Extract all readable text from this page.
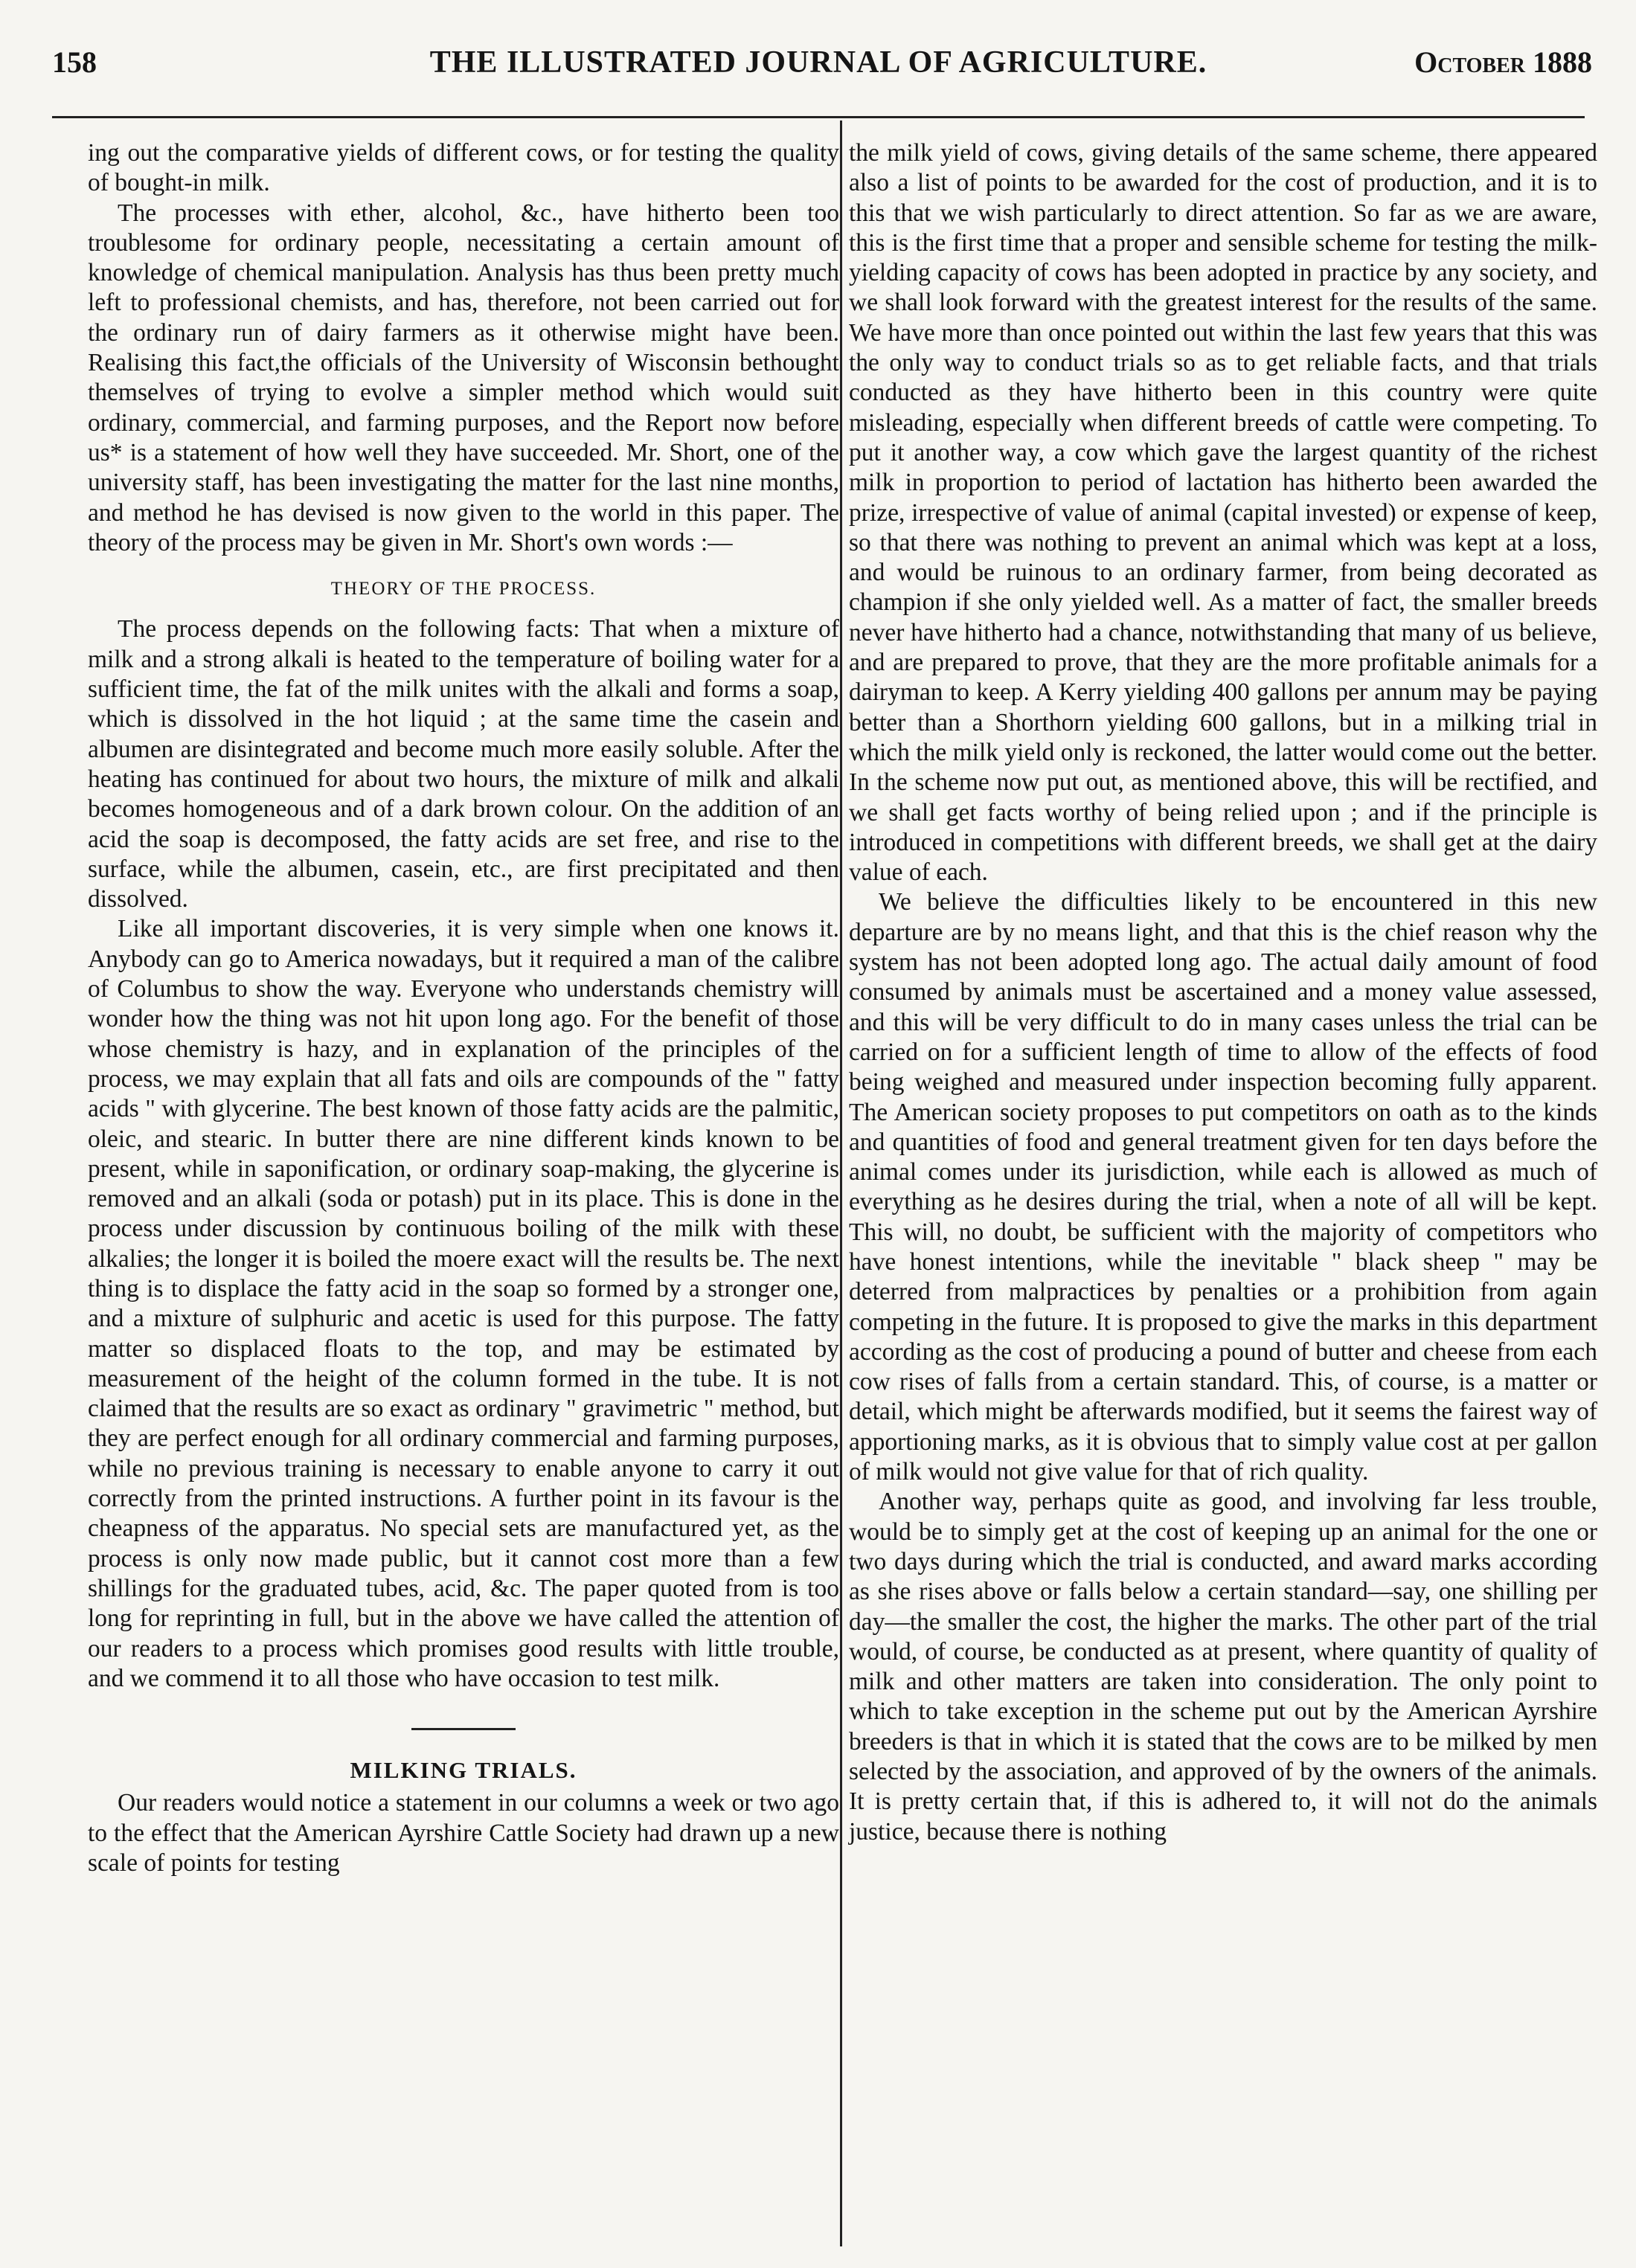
158	THE ILLUSTRATED JOURNAL OF AGRICULTURE.	October 1888

ing out the comparative yields of different cows, or for testing the quality of bought-in milk.

The processes with ether, alcohol, &c., have hitherto been too troublesome for ordinary people, necessitating a certain amount of knowledge of chemical manipulation. Analysis has thus been pretty much left to professional chemists, and has, therefore, not been carried out for the ordinary run of dairy farmers as it otherwise might have been. Realising this fact,the officials of the University of Wisconsin bethought themselves of trying to evolve a simpler method which would suit ordinary, commercial, and farming purposes, and the Report now before us* is a statement of how well they have succeeded. Mr. Short, one of the university staff, has been investigating the matter for the last nine months, and method he has devised is now given to the world in this paper. The theory of the process may be given in Mr. Short's own words :—

THEORY OF THE PROCESS.

The process depends on the following facts: That when a mixture of milk and a strong alkali is heated to the temperature of boiling water for a sufficient time, the fat of the milk unites with the alkali and forms a soap, which is dissolved in the hot liquid ; at the same time the casein and albumen are disintegrated and become much more easily soluble. After the heating has continued for about two hours, the mixture of milk and alkali becomes homogeneous and of a dark brown colour. On the addition of an acid the soap is decomposed, the fatty acids are set free, and rise to the surface, while the albumen, casein, etc., are first precipitated and then dissolved.

Like all important discoveries, it is very simple when one knows it. Anybody can go to America nowadays, but it required a man of the calibre of Columbus to show the way. Everyone who understands chemistry will wonder how the thing was not hit upon long ago. For the benefit of those whose chemistry is hazy, and in explanation of the principles of the process, we may explain that all fats and oils are compounds of the " fatty acids " with glycerine. The best known of those fatty acids are the palmitic, oleic, and stearic. In butter there are nine different kinds known to be present, while in saponification, or ordinary soap-making, the glycerine is removed and an alkali (soda or potash) put in its place. This is done in the process under discussion by continuous boiling of the milk with these alkalies; the longer it is boiled the moere exact will the results be. The next thing is to displace the fatty acid in the soap so formed by a stronger one, and a mixture of sulphuric and acetic is used for this purpose. The fatty matter so displaced floats to the top, and may be estimated by measurement of the height of the column formed in the tube. It is not claimed that the results are so exact as ordinary " gravimetric " method, but they are perfect enough for all ordinary commercial and farming purposes, while no previous training is necessary to enable anyone to carry it out correctly from the printed instructions. A further point in its favour is the cheapness of the apparatus. No special sets are manufactured yet, as the process is only now made public, but it cannot cost more than a few shillings for the graduated tubes, acid, &c. The paper quoted from is too long for reprinting in full, but in the above we have called the attention of our readers to a process which promises good results with little trouble, and we commend it to all those who have occasion to test milk.

MILKING TRIALS.

Our readers would notice a statement in our columns a week or two ago to the effect that the American Ayrshire Cattle Society had drawn up a new scale of points for testing

the milk yield of cows, giving details of the same scheme, there appeared also a list of points to be awarded for the cost of production, and it is to this that we wish particularly to direct attention. So far as we are aware, this is the first time that a proper and sensible scheme for testing the milk-yielding capacity of cows has been adopted in practice by any society, and we shall look forward with the greatest interest for the results of the same. We have more than once pointed out within the last few years that this was the only way to conduct trials so as to get reliable facts, and that trials conducted as they have hitherto been in this country were quite misleading, especially when different breeds of cattle were competing. To put it another way, a cow which gave the largest quantity of the richest milk in proportion to period of lactation has hitherto been awarded the prize, irrespective of value of animal (capital invested) or expense of keep, so that there was nothing to prevent an animal which was kept at a loss, and would be ruinous to an ordinary farmer, from being decorated as champion if she only yielded well. As a matter of fact, the smaller breeds never have hitherto had a chance, notwithstanding that many of us believe, and are prepared to prove, that they are the more profitable animals for a dairyman to keep. A Kerry yielding 400 gallons per annum may be paying better than a Shorthorn yielding 600 gallons, but in a milking trial in which the milk yield only is reckoned, the latter would come out the better. In the scheme now put out, as mentioned above, this will be rectified, and we shall get facts worthy of being relied upon ; and if the principle is introduced in competitions with different breeds, we shall get at the dairy value of each.

We believe the difficulties likely to be encountered in this new departure are by no means light, and that this is the chief reason why the system has not been adopted long ago. The actual daily amount of food consumed by animals must be ascertained and a money value assessed, and this will be very difficult to do in many cases unless the trial can be carried on for a sufficient length of time to allow of the effects of food being weighed and measured under inspection becoming fully apparent. The American society proposes to put competitors on oath as to the kinds and quantities of food and general treatment given for ten days before the animal comes under its jurisdiction, while each is allowed as much of everything as he desires during the trial, when a note of all will be kept. This will, no doubt, be sufficient with the majority of competitors who have honest intentions, while the inevitable " black sheep " may be deterred from malpractices by penalties or a prohibition from again competing in the future. It is proposed to give the marks in this department according as the cost of producing a pound of butter and cheese from each cow rises of falls from a certain standard. This, of course, is a matter or detail, which might be afterwards modified, but it seems the fairest way of apportioning marks, as it is obvious that to simply value cost at per gallon of milk would not give value for that of rich quality.

Another way, perhaps quite as good, and involving far less trouble, would be to simply get at the cost of keeping up an animal for the one or two days during which the trial is conducted, and award marks according as she rises above or falls below a certain standard—say, one shilling per day—the smaller the cost, the higher the marks. The other part of the trial would, of course, be conducted as at present, where quantity of quality of milk and other matters are taken into consideration. The only point to which to take exception in the scheme put out by the American Ayrshire breeders is that in which it is stated that the cows are to be milked by men selected by the association, and approved of by the owners of the animals. It is pretty certain that, if this is adhered to, it will not do the animals justice, because there is nothing
